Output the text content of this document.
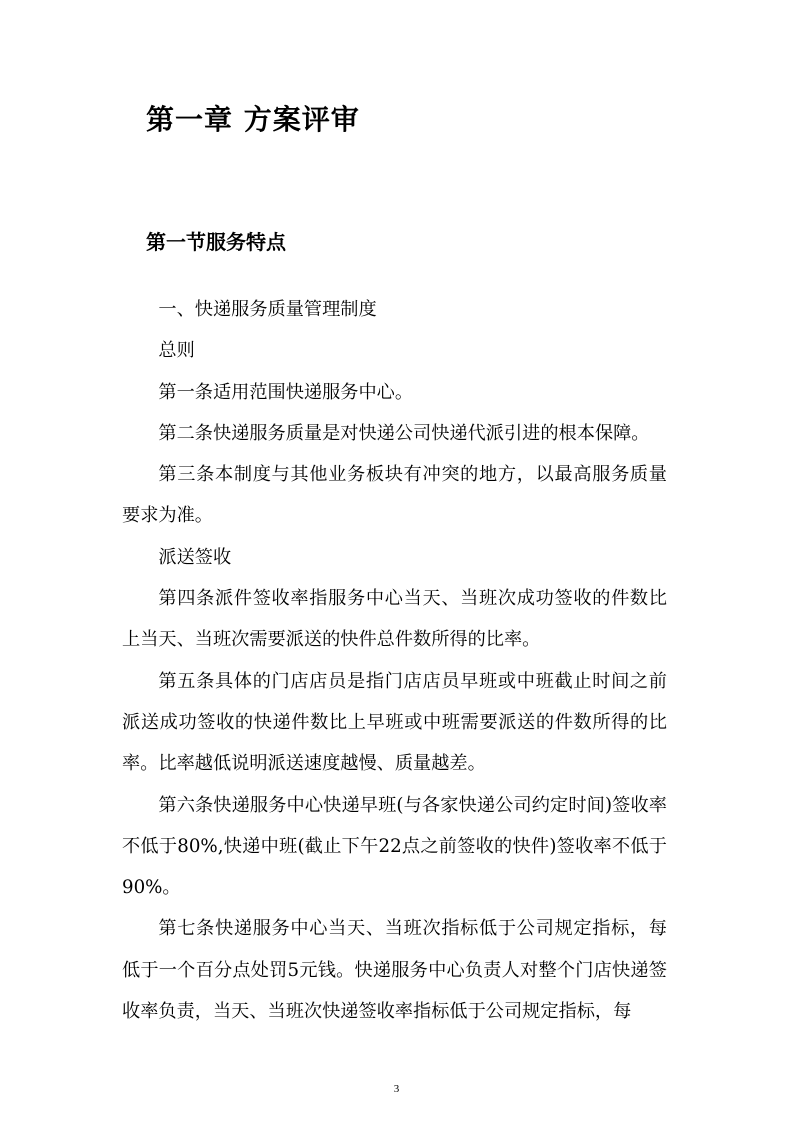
第一章 方案评审
第一节服务特点

一、快递服务质量管理制度

总则

第一条适用范围快递服务中心。

第二条快递服务质量是对快递公司快递代派引进的根本保障。

第三条本制度与其他业务板块有冲突的地方，以最高服务质量要求为准。

派送签收

第四条派件签收率指服务中心当天、当班次成功签收的件数比上当天、当班次需要派送的快件总件数所得的比率。

第五条具体的门店店员是指门店店员早班或中班截止时间之前派送成功签收的快递件数比上早班或中班需要派送的件数所得的比率。比率越低说明派送速度越慢、质量越差。

第六条快递服务中心快递早班(与各家快递公司约定时间)签收率不低于80%,快递中班(截止下午22点之前签收的快件)签收率不低于90%。

第七条快递服务中心当天、当班次指标低于公司规定指标，每低于一个百分点处罚5元钱。快递服务中心负责人对整个门店快递签收率负责，当天、当班次快递签收率指标低于公司规定指标，每

3
